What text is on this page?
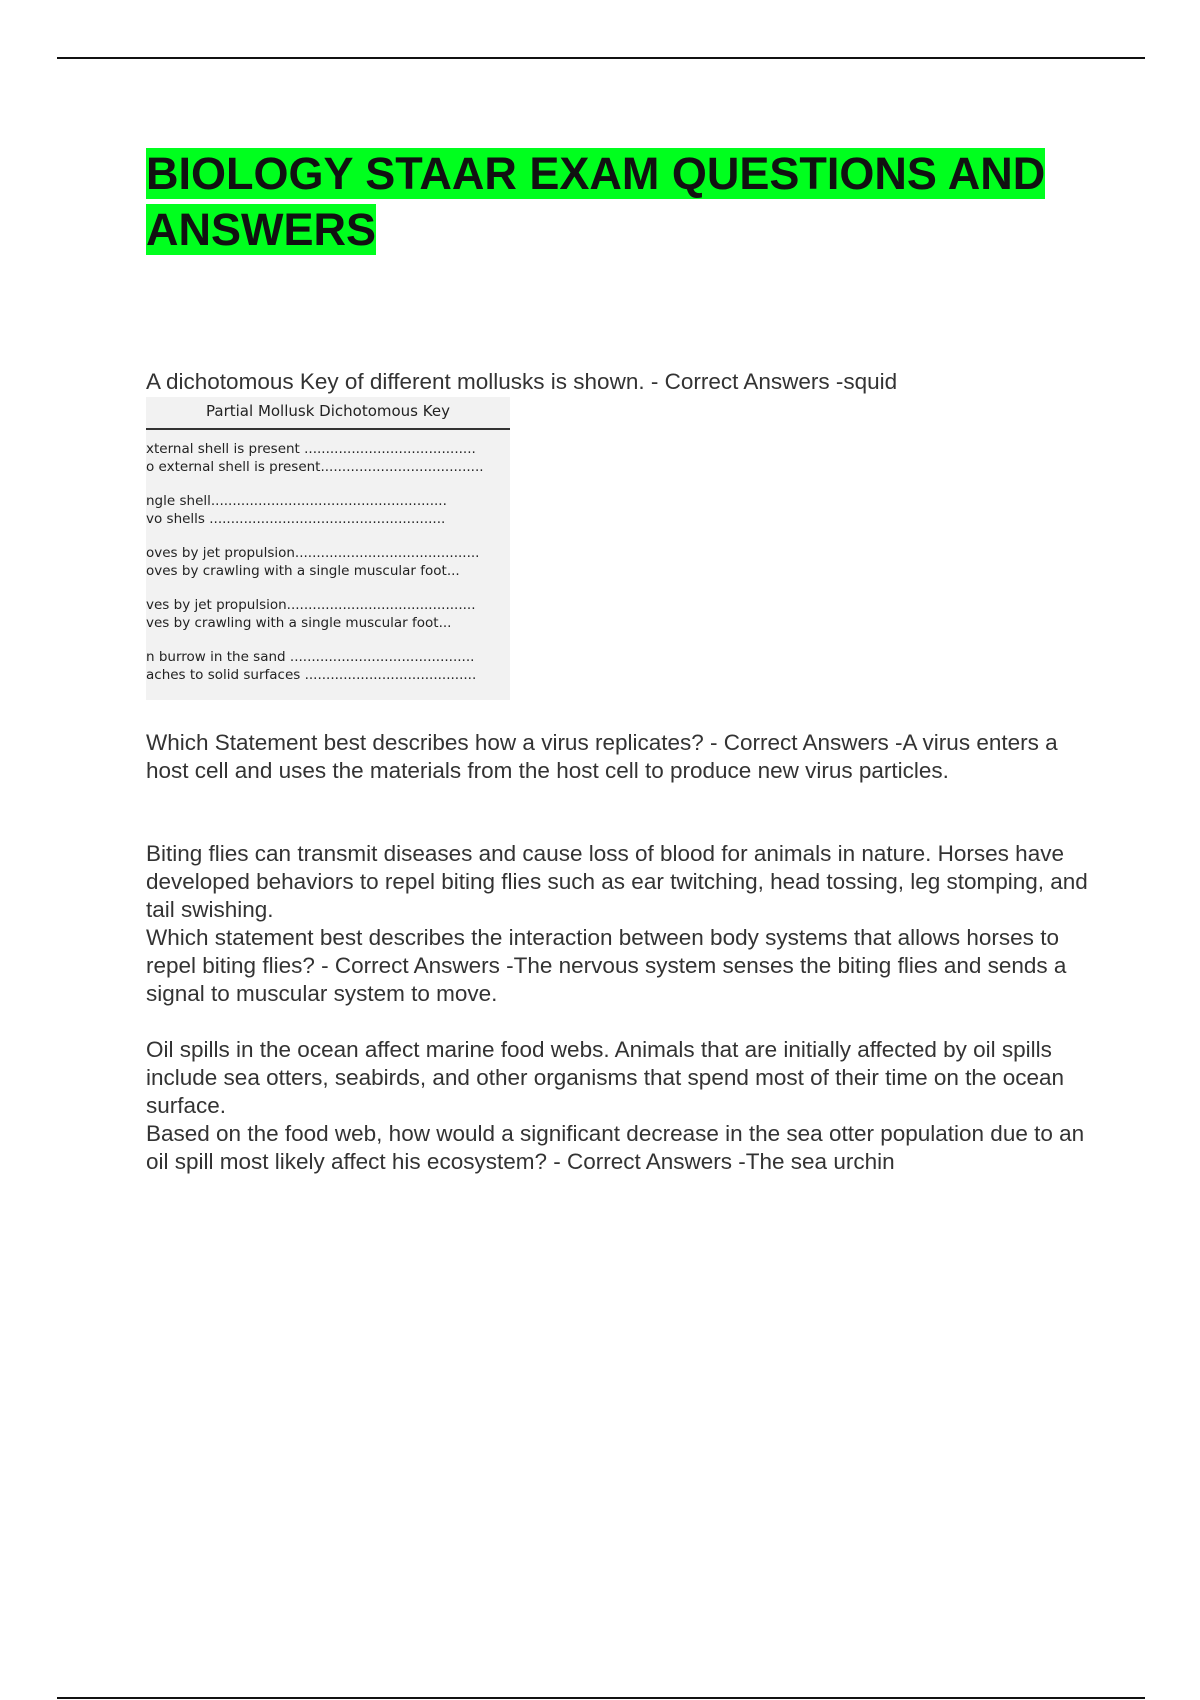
BIOLOGY STAAR EXAM QUESTIONS AND ANSWERS
A dichotomous Key of different mollusks is shown. - Correct Answers -squid
Partial Mollusk Dichotomous Key
xternal shell is present ........................................
o external shell is present......................................
ngle shell.......................................................
vo shells .......................................................
oves by jet propulsion...........................................
oves by crawling with a single muscular foot...
ves by jet propulsion............................................
ves by crawling with a single muscular foot...
n burrow in the sand ...........................................
aches to solid surfaces ........................................
Which Statement best describes how a virus replicates? - Correct Answers -A virus enters a host cell and uses the materials from the host cell to produce new virus particles.
Biting flies can transmit diseases and cause loss of blood for animals in nature. Horses have developed behaviors to repel biting flies such as ear twitching, head tossing, leg stomping, and tail swishing.
Which statement best describes the interaction between body systems that allows horses to repel biting flies? - Correct Answers -The nervous system senses the biting flies and sends a signal to muscular system to move.
Oil spills in the ocean affect marine food webs. Animals that are initially affected by oil spills include sea otters, seabirds, and other organisms that spend most of their time on the ocean surface.
Based on the food web, how would a significant decrease in the sea otter population due to an oil spill most likely affect his ecosystem? - Correct Answers -The sea urchin
